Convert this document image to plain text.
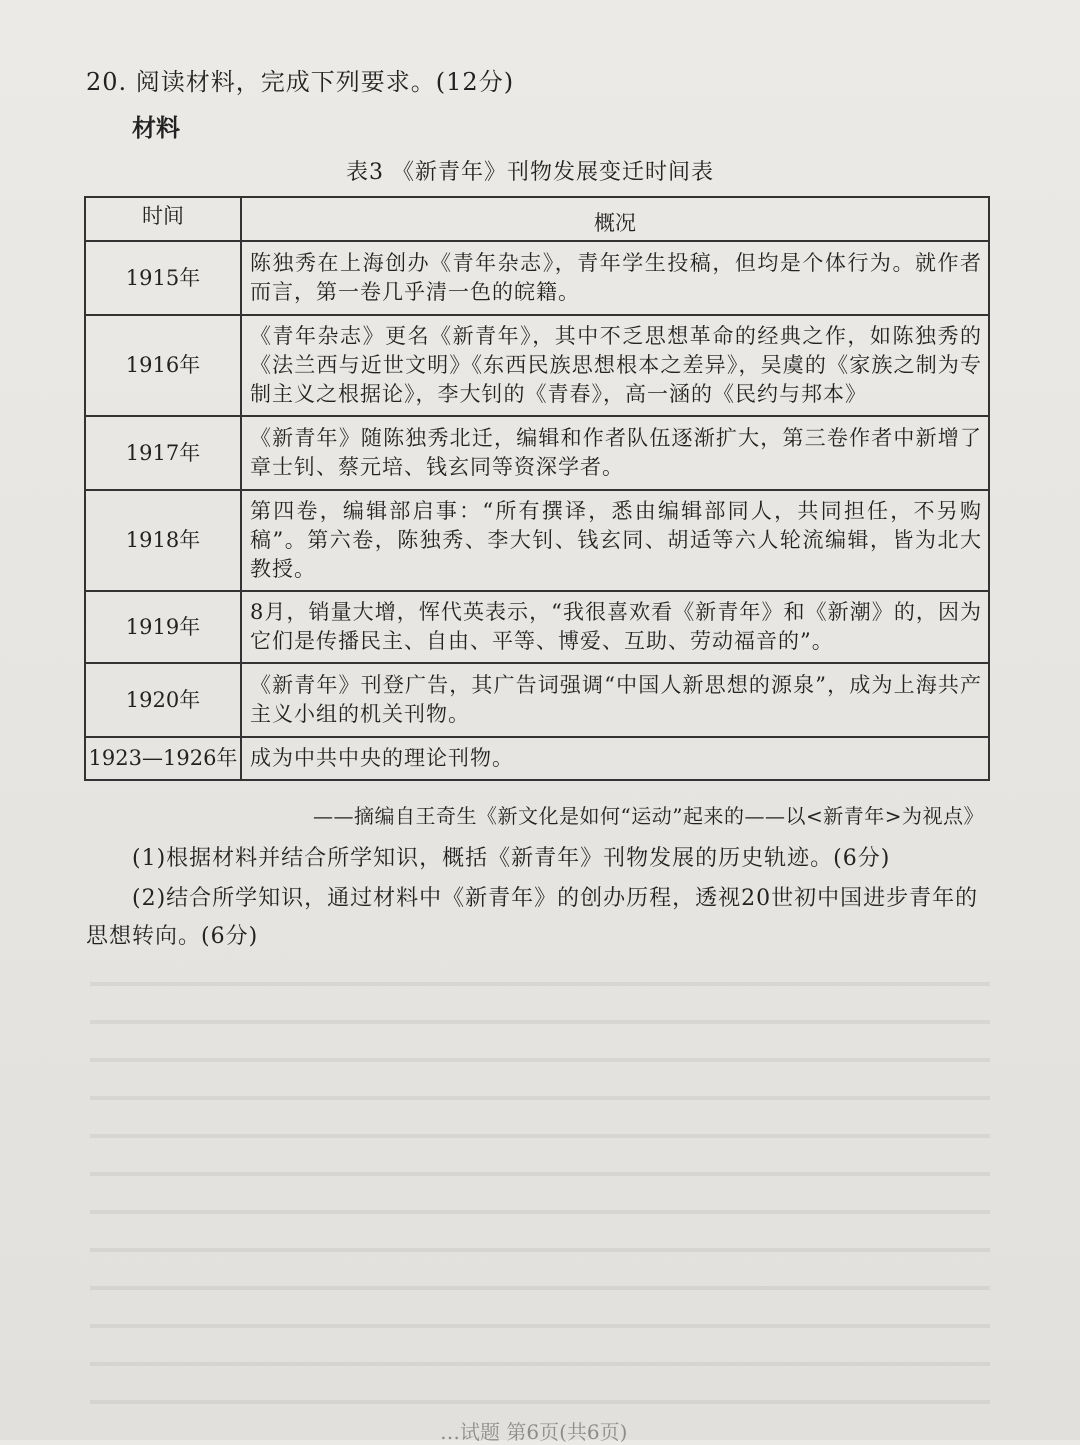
20. 阅读材料，完成下列要求。(12分)
材料
表3 《新青年》刊物发展变迁时间表
时间	概况
1915年	陈独秀在上海创办《青年杂志》，青年学生投稿，但均是个体行为。就作者而言，第一卷几乎清一色的皖籍。
1916年	《青年杂志》更名《新青年》，其中不乏思想革命的经典之作，如陈独秀的《法兰西与近世文明》《东西民族思想根本之差异》，吴虞的《家族之制为专制主义之根据论》，李大钊的《青春》，高一涵的《民约与邦本》
1917年	《新青年》随陈独秀北迁，编辑和作者队伍逐渐扩大，第三卷作者中新增了章士钊、蔡元培、钱玄同等资深学者。
1918年	第四卷，编辑部启事：“所有撰译，悉由编辑部同人，共同担任，不另购稿”。第六卷，陈独秀、李大钊、钱玄同、胡适等六人轮流编辑，皆为北大教授。
1919年	8月，销量大增，恽代英表示，“我很喜欢看《新青年》和《新潮》的，因为它们是传播民主、自由、平等、博爱、互助、劳动福音的”。
1920年	《新青年》刊登广告，其广告词强调“中国人新思想的源泉”，成为上海共产主义小组的机关刊物。
1923—1926年	成为中共中央的理论刊物。
——摘编自王奇生《新文化是如何“运动”起来的——以<新青年>为视点》
(1)根据材料并结合所学知识，概括《新青年》刊物发展的历史轨迹。(6分)
(2)结合所学知识，通过材料中《新青年》的创办历程，透视20世初中国进步青年的思想转向。(6分)
…试题 第6页(共6页)
